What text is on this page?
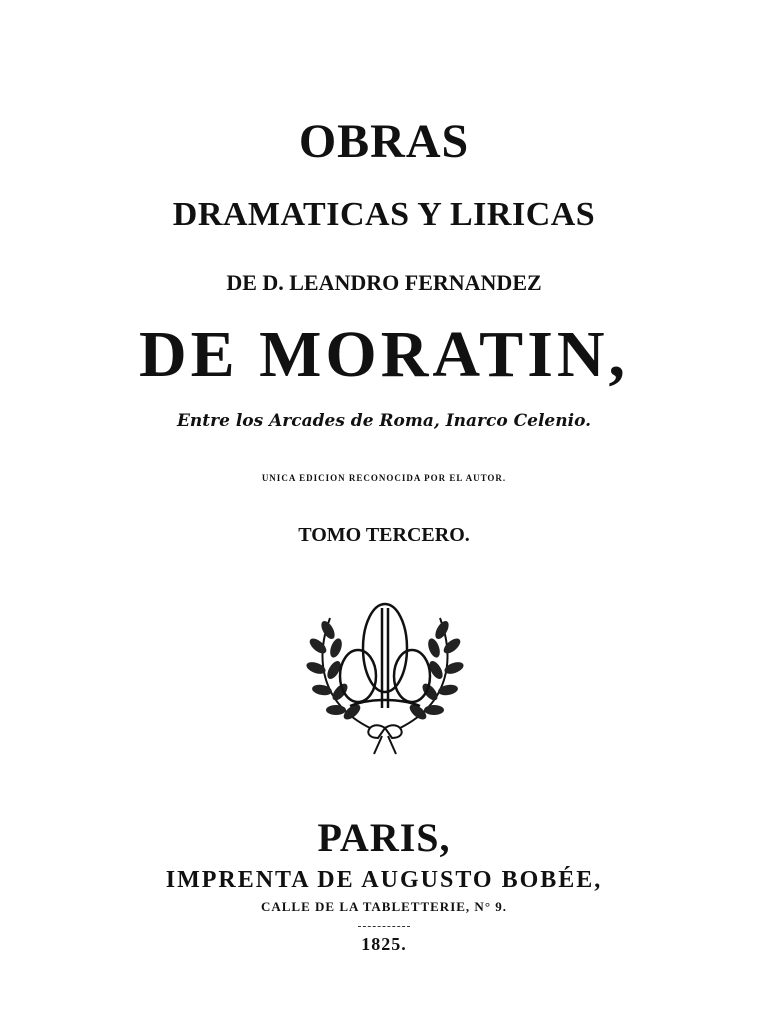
OBRAS
DRAMATICAS Y LIRICAS
DE D. LEANDRO FERNANDEZ
DE MORATIN,
Entre los Arcades de Roma, Inarco Celenio.
UNICA EDICION RECONOCIDA POR EL AUTOR.
TOMO TERCERO.
PARIS,
IMPRENTA DE AUGUSTO BOBÉE,
CALLE DE LA TABLETTERIE, N° 9.
1825.
